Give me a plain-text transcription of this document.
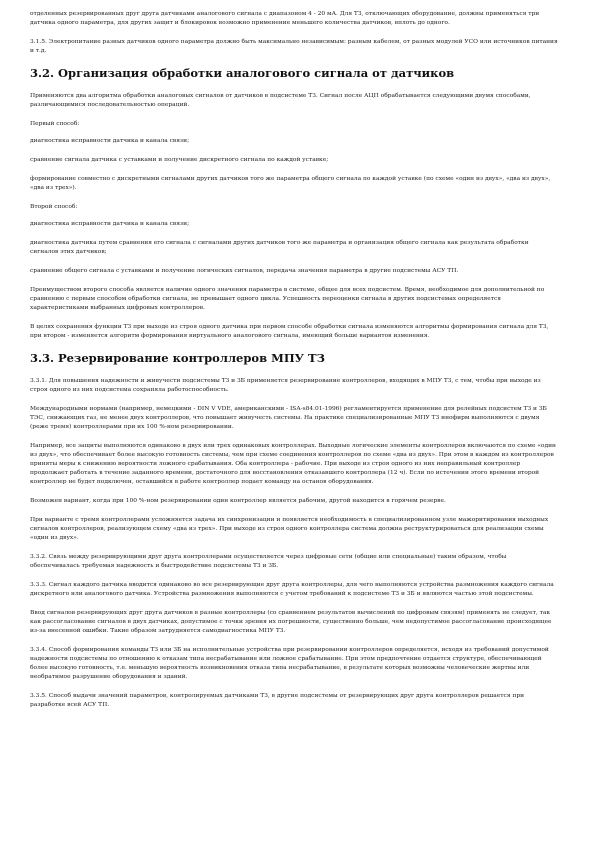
отделенных резервированных друг друга датчиками аналогового сигнала с диапазоном 4 - 20 мА. Для ТЗ, отключающих оборудование, должны применяться три датчика одного параметра, для других защит и блокировок возможно применение меньшего количества датчиков, вплоть до одного.

3.1.5. Электропитание разных датчиков одного параметра должно быть максимально независимым: разным кабелем, от разных модулей УСО или источников питания и т.д.

3.2. Организация обработки аналогового сигнала от датчиков

Применяются два алгоритма обработки аналоговых сигналов от датчиков в подсистеме ТЗ. Сигнал после АЦП обрабатывается следующими двумя способами, различающимися последовательностью операций.

Первый способ:

диагностика исправности датчика и канала связи;

сравнение сигнала датчика с уставками и получение дискретного сигнала по каждой уставке;

формирование совместно с дискретными сигналами других датчиков того же параметра общего сигнала по каждой уставке (по схеме «один из двух», «два из двух», «два из трех»).

Второй способ:

диагностика исправности датчика и канала связи;

диагностика датчика путем сравнения его сигнала с сигналами других датчиков того же параметра и организация общего сигнала как результата обработки сигналов этих датчиков;

сравнение общего сигнала с уставками и получение логических сигналов, передача значения параметра в другие подсистемы АСУ ТП.

Преимуществом второго способа является наличие одного значения параметра в системе, общее для всех подсистем. Время, необходимое для дополнительной по сравнению с первым способом обработки сигнала, не превышает одного цикла. Успешность переоценки сигнала в других подсистемах определяется характеристиками выбранных цифровых контроллеров.

В целях сохранения функции ТЗ при выходе из строя одного датчика при первом способе обработки сигнала изменяются алгоритмы формирования сигнала для ТЗ, при втором - изменяется алгоритм формирования виртуального аналогового сигнала, имеющий больше вариантов изменения.

3.3. Резервирование контроллеров МПУ ТЗ

3.3.1. Для повышения надежности и живучести подсистемы ТЗ и ЗБ применяется резервирование контроллеров, входящих в МПУ ТЗ, с тем, чтобы при выходе из строя одного из них подсистема сохраняла работоспособность.

Международными нормами (например, немецкими - DIN V VDE, американскими - ISA-s84.01-1996) регламентируется применение для релейных подсистем ТЗ и ЗБ ТЭС, снижающих газ, не менее двух контроллеров, что повышает живучесть системы. На практике специализированные МПУ ТЗ инофирм выполняются с двумя (реже тремя) контроллерами при их 100 %-ном резервировании.

Например, все защиты выполняются одинаково в двух или трех одинаковых контроллерах. Выходные логические элементы контроллеров включаются по схеме «один из двух», что обеспечивает более высокую готовность системы, чем при схеме соединения контроллеров по схеме «два из двух». При этом в каждом из контроллеров приняты меры к снижению вероятности ложного срабатывания. Оба контроллера - рабочие. При выходе из строя одного из них неправильный контроллер продолжает работать в течение заданного времени, достаточного для восстановления отказавшего контроллера (12 ч). Если по истечении этого времени второй контроллер не будет подключен, оставшийся в работе контроллер подает команду на останов оборудования.

Возможен вариант, когда при 100 %-ном резервировании один контроллер является рабочим, другой находится в горячем резерве.

При варианте с тремя контроллерами усложняется задача их синхронизации и появляется необходимость в специализированном узле мажоритирования выходных сигналов контроллеров, реализующем схему «два из трех». При выходе из строя одного контроллера система должна реструктурироваться для реализации схемы «один из двух».

3.3.2. Связь между резервирующими друг друга контроллерами осуществляется через цифровые сети (общие или специальные) таким образом, чтобы обеспечивалась требуемая надежность и быстродействие подсистемы ТЗ и ЗБ.

3.3.3. Сигнал каждого датчика вводится одинаково во все резервирующие друг друга контроллеры, для чего выполняются устройства размножения каждого сигнала дискретного или аналогового датчика. Устройства размножения выполняются с учетом требований к подсистеме ТЗ и ЗБ и являются частью этой подсистемы.

Ввод сигналов резервирующих друг друга датчиков в разные контроллеры (со сравнением результатов вычислений по цифровым связям) применять не следует, так как рассогласование сигналов в двух датчиках, допустимое с точки зрения их погрешности, существенно больше, чем недопустимое рассогласование происходящее из-за внесенной ошибки. Такие образом затрудняется самодиагностика МПУ ТЗ.

3.3.4. Способ формирования команды ТЗ или ЗБ на исполнительные устройства при резервировании контроллеров определяется, исходя из требований допустимой надежности подсистемы по отношению к отказам типа несрабатывание или ложное срабатывание. При этом предпочтение отдается структуре, обеспечивающей более высокую готовность, т.е. меньшую вероятность возникновения отказа типа несрабатывание, в результате которых возможны человеческие жертвы или необратимое разрушение оборудования и зданий.

3.3.5. Способ выдачи значений параметров, контролируемых датчиками ТЗ, в другие подсистемы от резервирующих друг друга контроллеров решается при разработке всей АСУ ТП.
